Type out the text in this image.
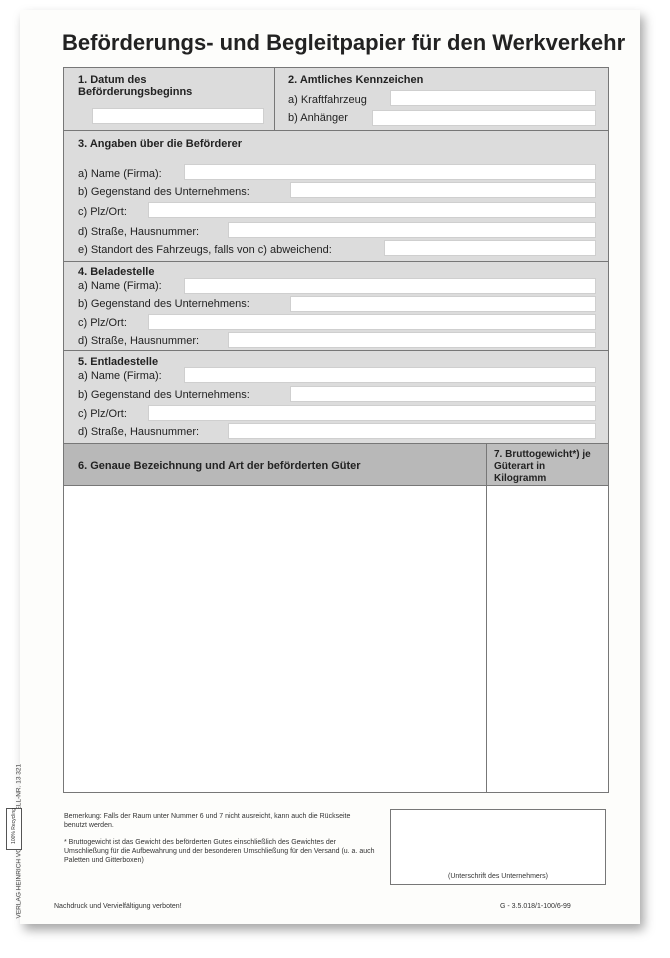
Beförderungs- und Begleitpapier für den Werkverkehr
1. Datum des Beförderungsbeginns
2. Amtliches Kennzeichen
a) Kraftfahrzeug
b) Anhänger
3. Angaben über die Beförderer
a) Name (Firma):
b) Gegenstand des Unternehmens:
c) Plz/Ort:
d) Straße, Hausnummer:
e) Standort des Fahrzeugs, falls von c) abweichend:
4. Beladestelle
a) Name (Firma):
b) Gegenstand des Unternehmens:
c) Plz/Ort:
d) Straße, Hausnummer:
5. Entladestelle
a) Name (Firma):
b) Gegenstand des Unternehmens:
c) Plz/Ort:
d) Straße, Hausnummer:
6. Genaue Bezeichnung und Art der beförderten Güter
7. Bruttogewicht*) je Güterart in Kilogramm
Bemerkung: Falls der Raum unter Nummer 6 und 7 nicht ausreicht, kann auch die Rückseite benutzt werden.
* Bruttogewicht ist das Gewicht des beförderten Gutes einschließlich des Gewichtes der Umschließung für die Aufbewahrung und der besonderen Umschließung für den Versand (u. a. auch Paletten und Gitterboxen)
(Unterschrift des Unternehmers)
Nachdruck und Vervielfältigung verboten!	G - 3.5.018/1-100/6-99
100% Recycling
